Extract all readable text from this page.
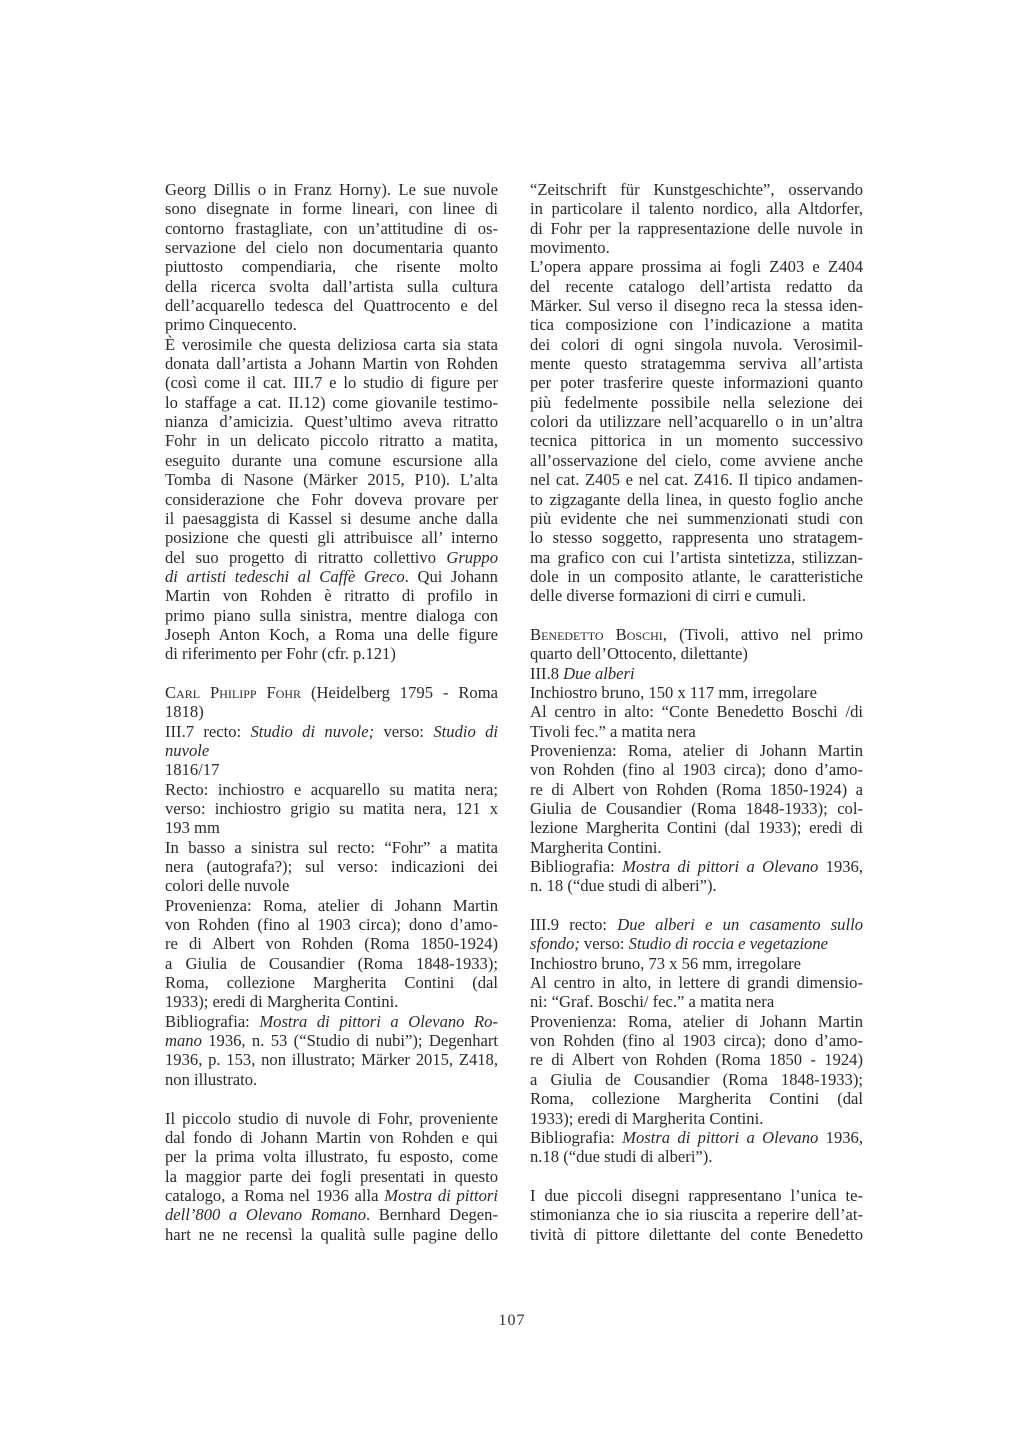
Georg Dillis o in Franz Horny). Le sue nuvole
sono disegnate in forme lineari, con linee di
contorno frastagliate, con un’attitudine di os-
servazione del cielo non documentaria quanto
piuttosto compendiaria, che risente molto
della ricerca svolta dall’artista sulla cultura
dell’acquarello tedesca del Quattrocento e del
primo Cinquecento.

È verosimile che questa deliziosa carta sia stata
donata dall’artista a Johann Martin von Rohden
(così come il cat. III.7 e lo studio di figure per
lo staffage a cat. II.12) come giovanile testimo-
nianza d’amicizia. Quest’ultimo aveva ritratto
Fohr in un delicato piccolo ritratto a matita,
eseguito durante una comune escursione alla
Tomba di Nasone (Märker 2015, P10). L’alta
considerazione che Fohr doveva provare per
il paesaggista di Kassel si desume anche dalla
posizione che questi gli attribuisce all’ interno
del suo progetto di ritratto collettivo Gruppo
di artisti tedeschi al Caffè Greco. Qui Johann
Martin von Rohden è ritratto di profilo in
primo piano sulla sinistra, mentre dialoga con
Joseph Anton Koch, a Roma una delle figure
di riferimento per Fohr (cfr. p.121)

Carl Philipp Fohr (Heidelberg 1795 - Roma
1818)
III.7 recto: Studio di nuvole; verso: Studio di
nuvole
1816/17
Recto: inchiostro e acquarello su matita nera;
verso: inchiostro grigio su matita nera, 121 x
193 mm
In basso a sinistra sul recto: “Fohr” a matita
nera (autografa?); sul verso: indicazioni dei
colori delle nuvole
Provenienza: Roma, atelier di Johann Martin
von Rohden (fino al 1903 circa); dono d’amo-
re di Albert von Rohden (Roma 1850-1924)
a Giulia de Cousandier (Roma 1848-1933);
Roma, collezione Margherita Contini (dal
1933); eredi di Margherita Contini.
Bibliografia: Mostra di pittori a Olevano Ro-
mano 1936, n. 53 (“Studio di nubi”); Degenhart
1936, p. 153, non illustrato; Märker 2015, Z418,
non illustrato.

Il piccolo studio di nuvole di Fohr, proveniente
dal fondo di Johann Martin von Rohden e qui
per la prima volta illustrato, fu esposto, come
la maggior parte dei fogli presentati in questo
catalogo, a Roma nel 1936 alla Mostra di pittori
dell’800 a Olevano Romano. Bernhard Degen-
hart ne ne recensì la qualità sulle pagine dello

“Zeitschrift für Kunstgeschichte”, osservando
in particolare il talento nordico, alla Altdorfer,
di Fohr per la rappresentazione delle nuvole in
movimento.

L’opera appare prossima ai fogli Z403 e Z404
del recente catalogo dell’artista redatto da
Märker. Sul verso il disegno reca la stessa iden-
tica composizione con l’indicazione a matita
dei colori di ogni singola nuvola. Verosimil-
mente questo stratagemma serviva all’artista
per poter trasferire queste informazioni quanto
più fedelmente possibile nella selezione dei
colori da utilizzare nell’acquarello o in un’altra
tecnica pittorica in un momento successivo
all’osservazione del cielo, come avviene anche
nel cat. Z405 e nel cat. Z416. Il tipico andamen-
to zigzagante della linea, in questo foglio anche
più evidente che nei summenzionati studi con
lo stesso soggetto, rappresenta uno stratagem-
ma grafico con cui l’artista sintetizza, stilizzan-
dole in un composito atlante, le caratteristiche
delle diverse formazioni di cirri e cumuli.

Benedetto Boschi, (Tivoli, attivo nel primo
quarto dell’Ottocento, dilettante)
III.8 Due alberi
Inchiostro bruno, 150 x 117 mm, irregolare
Al centro in alto: “Conte Benedetto Boschi /di
Tivoli fec.” a matita nera
Provenienza: Roma, atelier di Johann Martin
von Rohden (fino al 1903 circa); dono d’amo-
re di Albert von Rohden (Roma 1850-1924) a
Giulia de Cousandier (Roma 1848-1933); col-
lezione Margherita Contini (dal 1933); eredi di
Margherita Contini.
Bibliografia: Mostra di pittori a Olevano 1936,
n. 18 (“due studi di alberi”).

III.9 recto: Due alberi e un casamento sullo
sfondo; verso: Studio di roccia e vegetazione
Inchiostro bruno, 73 x 56 mm, irregolare
Al centro in alto, in lettere di grandi dimensio-
ni: “Graf. Boschi/ fec.” a matita nera
Provenienza: Roma, atelier di Johann Martin
von Rohden (fino al 1903 circa); dono d’amo-
re di Albert von Rohden (Roma 1850 - 1924)
a Giulia de Cousandier (Roma 1848-1933);
Roma, collezione Margherita Contini (dal
1933); eredi di Margherita Contini.
Bibliografia: Mostra di pittori a Olevano 1936,
n.18 (“due studi di alberi”).

I due piccoli disegni rappresentano l’unica te-
stimonianza che io sia riuscita a reperire dell’at-
tività di pittore dilettante del conte Benedetto

107
